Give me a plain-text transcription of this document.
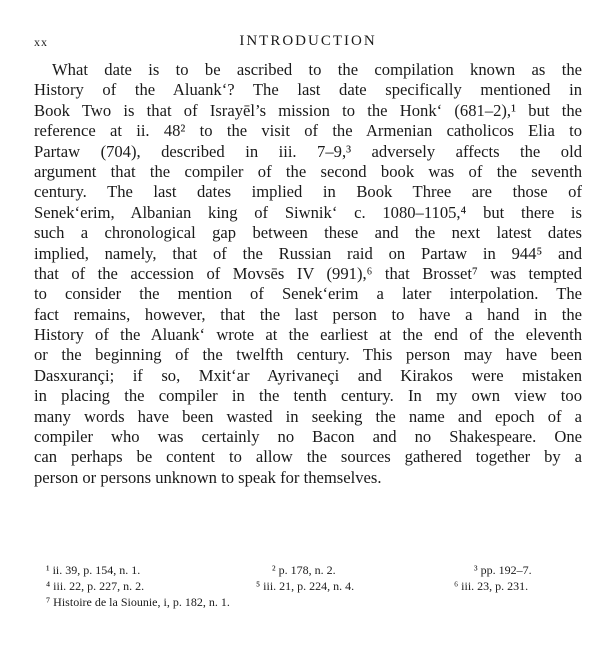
xx	INTRODUCTION
What date is to be ascribed to the compilation known as the
History of the Aluank‘? The last date specifically mentioned in
Book Two is that of Israyēl’s mission to the Honk‘ (681–2),¹ but the
reference at ii. 48² to the visit of the Armenian catholicos Elia to
Partaw (704), described in iii. 7–9,³ adversely affects the old
argument that the compiler of the second book was of the seventh
century. The last dates implied in Book Three are those of
Senek‘erim, Albanian king of Siwnik‘ c. 1080–1105,⁴ but there is
such a chronological gap between these and the next latest dates
implied, namely, that of the Russian raid on Partaw in 944⁵ and
that of the accession of Movsēs IV (991),⁶ that Brosset⁷ was tempted
to consider the mention of Senek‘erim a later interpolation. The
fact remains, however, that the last person to have a hand in the
History of the Aluank‘ wrote at the earliest at the end of the eleventh
or the beginning of the twelfth century. This person may have been
Dasxurançi; if so, Mxit‘ar Ayrivaneçi and Kirakos were mistaken
in placing the compiler in the tenth century. In my own view too
many words have been wasted in seeking the name and epoch of a
compiler who was certainly no Bacon and no Shakespeare. One
can perhaps be content to allow the sources gathered together by a
person or persons unknown to speak for themselves.
¹ ii. 39, p. 154, n. 1.	² p. 178, n. 2.	³ pp. 192–7.
⁴ iii. 22, p. 227, n. 2.	⁵ iii. 21, p. 224, n. 4.	⁶ iii. 23, p. 231.
⁷ Histoire de la Siounie, i, p. 182, n. 1.
